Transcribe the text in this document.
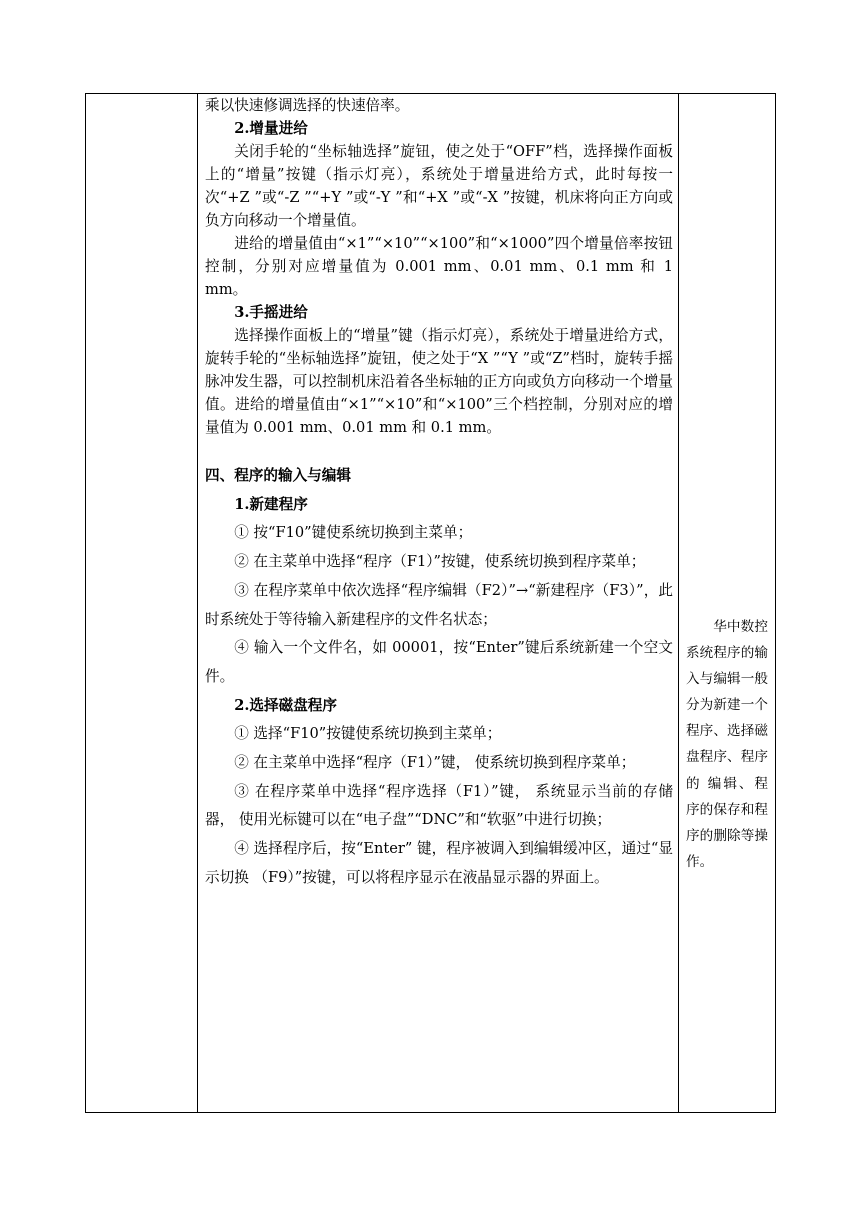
乘以快速修调选择的快速倍率。

2.增量进给

关闭手轮的“坐标轴选择”旋钮，使之处于“OFF”档，选择操作面板上的“增量”按键（指示灯亮），系统处于增量进给方式，此时每按一次“+Z ”或“-Z ”“+Y ”或“-Y ”和“+X ”或“-X ”按键，机床将向正方向或负方向移动一个增量值。

进给的增量值由“×1”“×10”“×100”和“×1000”四个增量倍率按钮控制，分别对应增量值为 0.001 mm、0.01 mm、0.1 mm 和 1 mm。

3.手摇进给

选择操作面板上的“增量”键（指示灯亮），系统处于增量进给方式，旋转手轮的“坐标轴选择”旋钮，使之处于“X ”“Y ”或“Z”档时，旋转手摇脉冲发生器，可以控制机床沿着各坐标轴的正方向或负方向移动一个增量值。进给的增量值由“×1”“×10”和“×100”三个档控制，分别对应的增量值为 0.001 mm、0.01 mm 和 0.1 mm。

四、程序的输入与编辑

1.新建程序

① 按“F10”键使系统切换到主菜单；

② 在主菜单中选择“程序（F1）”按键，使系统切换到程序菜单；

③ 在程序菜单中依次选择“程序编辑（F2）”→“新建程序（F3）”，此时系统处于等待输入新建程序的文件名状态；

④ 输入一个文件名，如 00001，按“Enter”键后系统新建一个空文件。

2.选择磁盘程序

① 选择“F10”按键使系统切换到主菜单；

② 在主菜单中选择“程序（F1）”键， 使系统切换到程序菜单；

③ 在程序菜单中选择“程序选择（F1）”键， 系统显示当前的存储器， 使用光标键可以在“电子盘”“DNC”和“软驱”中进行切换；

④ 选择程序后，按“Enter” 键，程序被调入到编辑缓冲区，通过“显示切换 （F9）”按键，可以将程序显示在液晶显示器的界面上。

华中数控系统程序的输入与编辑一般分为新建一个程序、选择磁盘程序、程序的 编辑、程序的保存和程序的删除等操作。
